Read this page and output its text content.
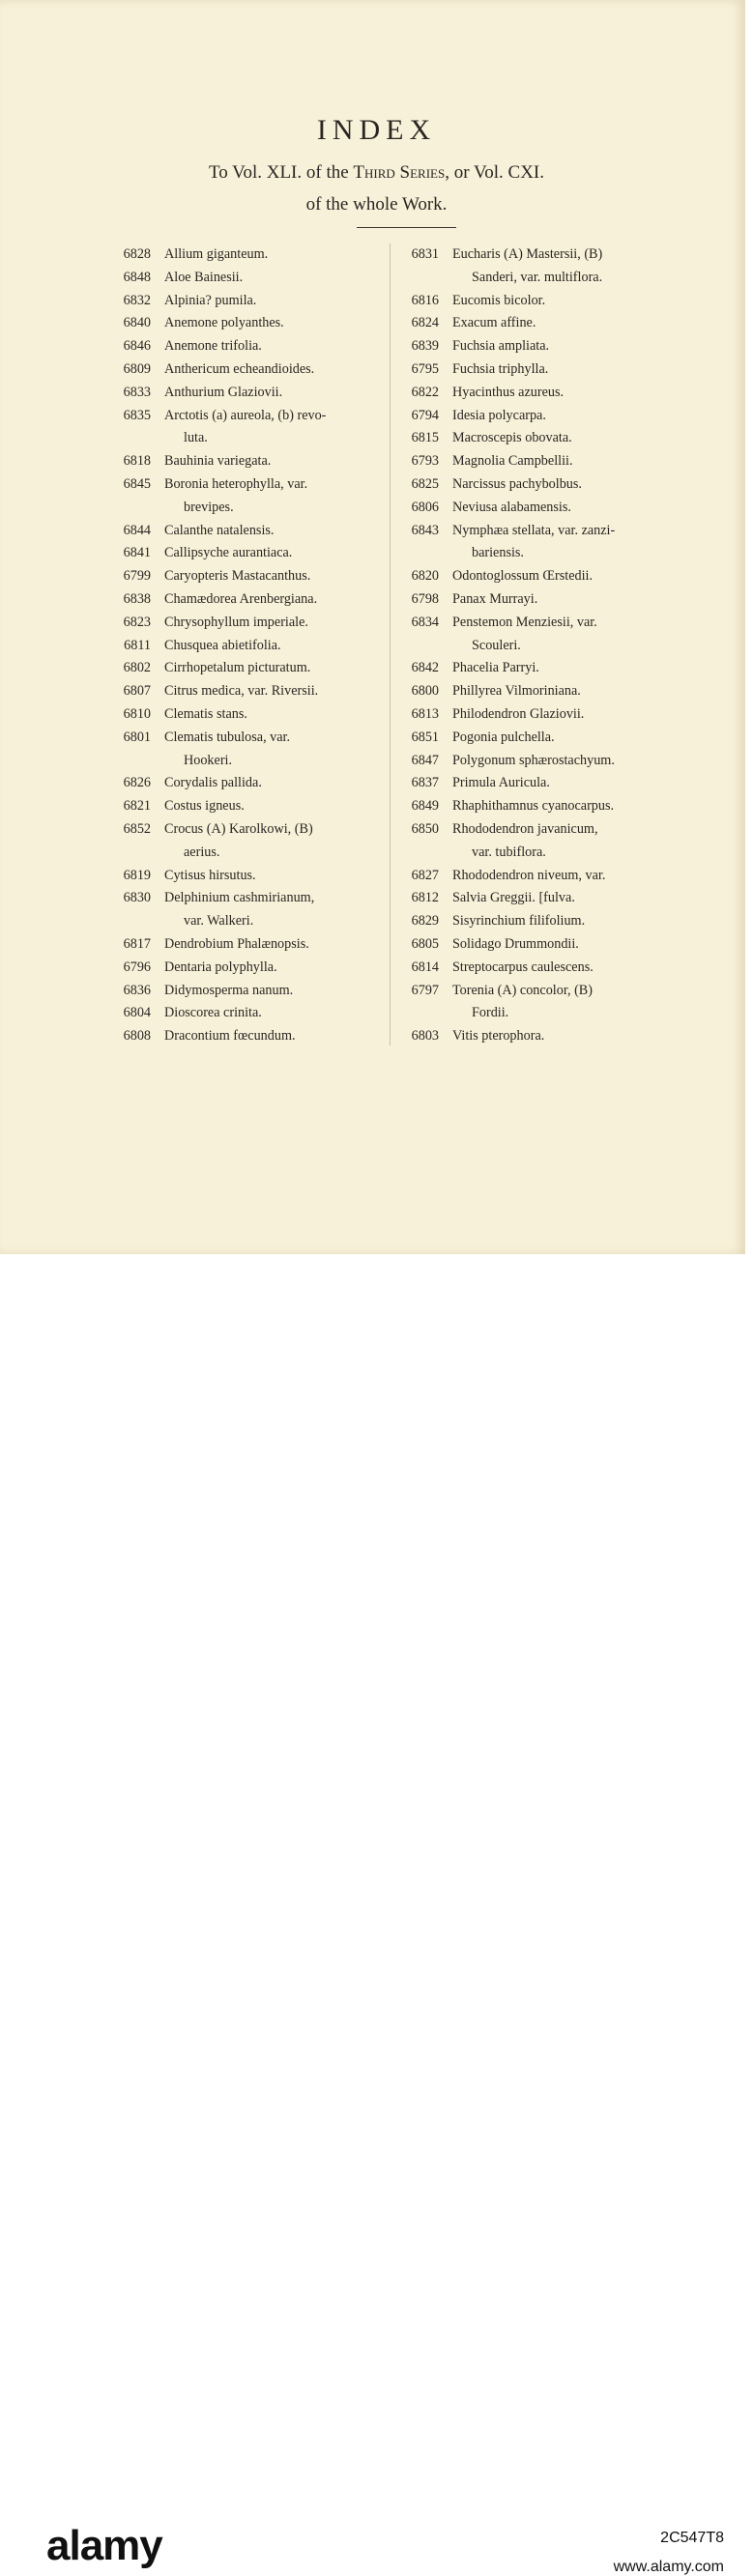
INDEX
To Vol. XLI. of the Third Series, or Vol. CXI.
of the whole Work.
6828 Allium giganteum.
6848 Aloe Bainesii.
6832 Alpinia? pumila.
6840 Anemone polyanthes.
6846 Anemone trifolia.
6809 Anthericum echeandioides.
6833 Anthurium Glaziovii.
6835 Arctotis (a) aureola, (b) revo-
luta.
6818 Bauhinia variegata.
6845 Boronia heterophylla, var.
brevipes.
6844 Calanthe natalensis.
6841 Callipsyche aurantiaca.
6799 Caryopteris Mastacanthus.
6838 Chamædorea Arenbergiana.
6823 Chrysophyllum imperiale.
6811 Chusquea abietifolia.
6802 Cirrhopetalum picturatum.
6807 Citrus medica, var. Riversii.
6810 Clematis stans.
6801 Clematis tubulosa, var.
Hookeri.
6826 Corydalis pallida.
6821 Costus igneus.
6852 Crocus (A) Karolkowi, (B)
aerius.
6819 Cytisus hirsutus.
6830 Delphinium cashmirianum,
var. Walkeri.
6817 Dendrobium Phalænopsis.
6796 Dentaria polyphylla.
6836 Didymosperma nanum.
6804 Dioscorea crinita.
6808 Dracontium fœcundum.
6831 Eucharis (A) Mastersii, (B)
Sanderi, var. multiflora.
6816 Eucomis bicolor.
6824 Exacum affine.
6839 Fuchsia ampliata.
6795 Fuchsia triphylla.
6822 Hyacinthus azureus.
6794 Idesia polycarpa.
6815 Macroscepis obovata.
6793 Magnolia Campbellii.
6825 Narcissus pachybolbus.
6806 Neviusa alabamensis.
6843 Nymphæa stellata, var. zanzi-
bariensis.
6820 Odontoglossum Œrstedii.
6798 Panax Murrayi.
6834 Penstemon Menziesii, var.
Scouleri.
6842 Phacelia Parryi.
6800 Phillyrea Vilmoriniana.
6813 Philodendron Glaziovii.
6851 Pogonia pulchella.
6847 Polygonum sphærostachyum.
6837 Primula Auricula.
6849 Rhaphithamnus cyanocarpus.
6850 Rhododendron javanicum,
var. tubiflora.
6827 Rhododendron niveum, var.
6812 Salvia Greggii. [fulva.
6829 Sisyrinchium filifolium.
6805 Solidago Drummondii.
6814 Streptocarpus caulescens.
6797 Torenia (A) concolor, (B)
Fordii.
6803 Vitis pterophora.
alamy	2C547T8
www.alamy.com
